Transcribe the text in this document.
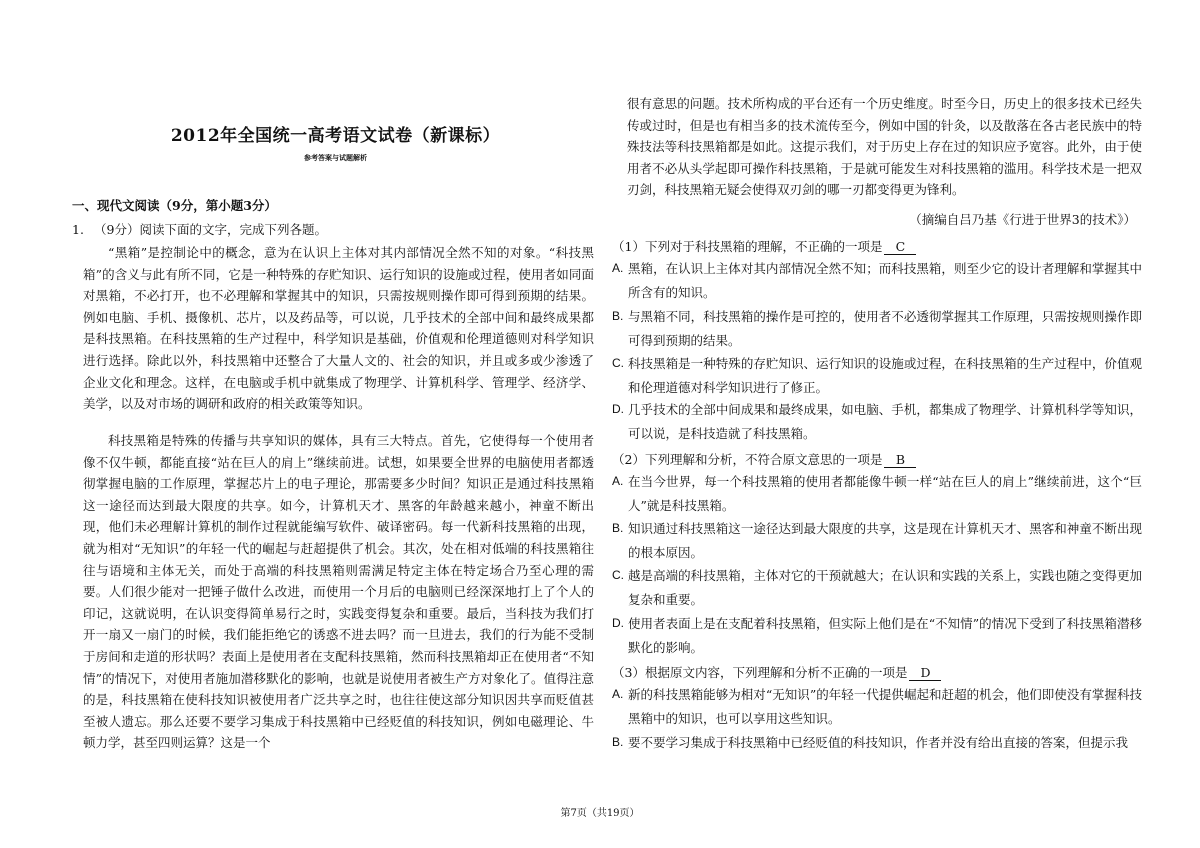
2012年全国统一高考语文试卷（新课标）
参考答案与试题解析
一、现代文阅读（9分，第小题3分）
1. （9分）阅读下面的文字，完成下列各题。

“黑箱”是控制论中的概念，意为在认识上主体对其内部情况全然不知的对象。“科技黑箱”的含义与此有所不同，它是一种特殊的存贮知识、运行知识的设施或过程，使用者如同面对黑箱，不必打开，也不必理解和掌握其中的知识，只需按规则操作即可得到预期的结果。例如电脑、手机、摄像机、芯片，以及药品等，可以说，几乎技术的全部中间和最终成果都是科技黑箱。在科技黑箱的生产过程中，科学知识是基础，价值观和伦理道德则对科学知识进行选择。除此以外，科技黑箱中还整合了大量人文的、社会的知识，并且或多或少渗透了企业文化和理念。这样，在电脑或手机中就集成了物理学、计算机科学、管理学、经济学、美学，以及对市场的调研和政府的相关政策等知识。

科技黑箱是特殊的传播与共享知识的媒体，具有三大特点。首先，它使得每一个使用者像不仅牛顿，都能直接“站在巨人的肩上”继续前进。试想，如果要全世界的电脑使用者都透彻掌握电脑的工作原理，掌握芯片上的电子理论，那需要多少时间？知识正是通过科技黑箱这一途径而达到最大限度的共享。如今，计算机天才、黑客的年龄越来越小，神童不断出现，他们未必理解计算机的制作过程就能编写软件、破译密码。每一代新科技黑箱的出现，就为相对“无知识”的年轻一代的崛起与赶超提供了机会。其次，处在相对低端的科技黑箱往往与语境和主体无关，而处于高端的科技黑箱则需满足特定主体在特定场合乃至心理的需要。人们很少能对一把锤子做什么改进，而使用一个月后的电脑则已经深深地打上了个人的印记，这就说明，在认识变得简单易行之时，实践变得复杂和重要。最后，当科技为我们打开一扇又一扇门的时候，我们能拒绝它的诱惑不进去吗？而一旦进去，我们的行为能不受制于房间和走道的形状吗？表面上是使用者在支配科技黑箱，然而科技黑箱却正在使用者“不知情”的情况下，对使用者施加潜移默化的影响，也就是说使用者被生产方对象化了。值得注意的是，科技黑箱在使科技知识被使用者广泛共享之时，也往往使这部分知识因共享而贬值甚至被人遗忘。那么还要不要学习集成于科技黑箱中已经贬值的科技知识，例如电磁理论、牛顿力学，甚至四则运算？这是一个

很有意思的问题。技术所构成的平台还有一个历史维度。时至今日，历史上的很多技术已经失传或过时，但是也有相当多的技术流传至今，例如中国的针灸，以及散落在各古老民族中的特殊技法等科技黑箱都是如此。这提示我们，对于历史上存在过的知识应予宽容。此外，由于使用者不必从头学起即可操作科技黑箱，于是就可能发生对科技黑箱的滥用。科学技术是一把双刃剑，科技黑箱无疑会使得双刃剑的哪一刃都变得更为锋利。

（摘编自吕乃基《行进于世界3的技术》）
（1）下列对于科技黑箱的理解，不正确的一项是 C
A. 黑箱，在认识上主体对其内部情况全然不知；而科技黑箱，则至少它的设计者理解和掌握其中所含有的知识。
B. 与黑箱不同，科技黑箱的操作是可控的，使用者不必透彻掌握其工作原理，只需按规则操作即可得到预期的结果。
C. 科技黑箱是一种特殊的存贮知识、运行知识的设施或过程，在科技黑箱的生产过程中，价值观和伦理道德对科学知识进行了修正。
D. 几乎技术的全部中间成果和最终成果，如电脑、手机，都集成了物理学、计算机科学等知识，可以说，是科技造就了科技黑箱。
（2）下列理解和分析，不符合原文意思的一项是 B
A. 在当今世界，每一个科技黑箱的使用者都能像牛顿一样“站在巨人的肩上”继续前进，这个“巨人”就是科技黑箱。
B. 知识通过科技黑箱这一途径达到最大限度的共享，这是现在计算机天才、黑客和神童不断出现的根本原因。
C. 越是高端的科技黑箱，主体对它的干预就越大；在认识和实践的关系上，实践也随之变得更加复杂和重要。
D. 使用者表面上是在支配着科技黑箱，但实际上他们是在“不知情”的情况下受到了科技黑箱潜移默化的影响。
（3）根据原文内容，下列理解和分析不正确的一项是 D
A. 新的科技黑箱能够为相对“无知识”的年轻一代提供崛起和赶超的机会，他们即使没有掌握科技黑箱中的知识，也可以享用这些知识。
B. 要不要学习集成于科技黑箱中已经贬值的科技知识，作者并没有给出直接的答案，但提示我
第7页（共19页）
